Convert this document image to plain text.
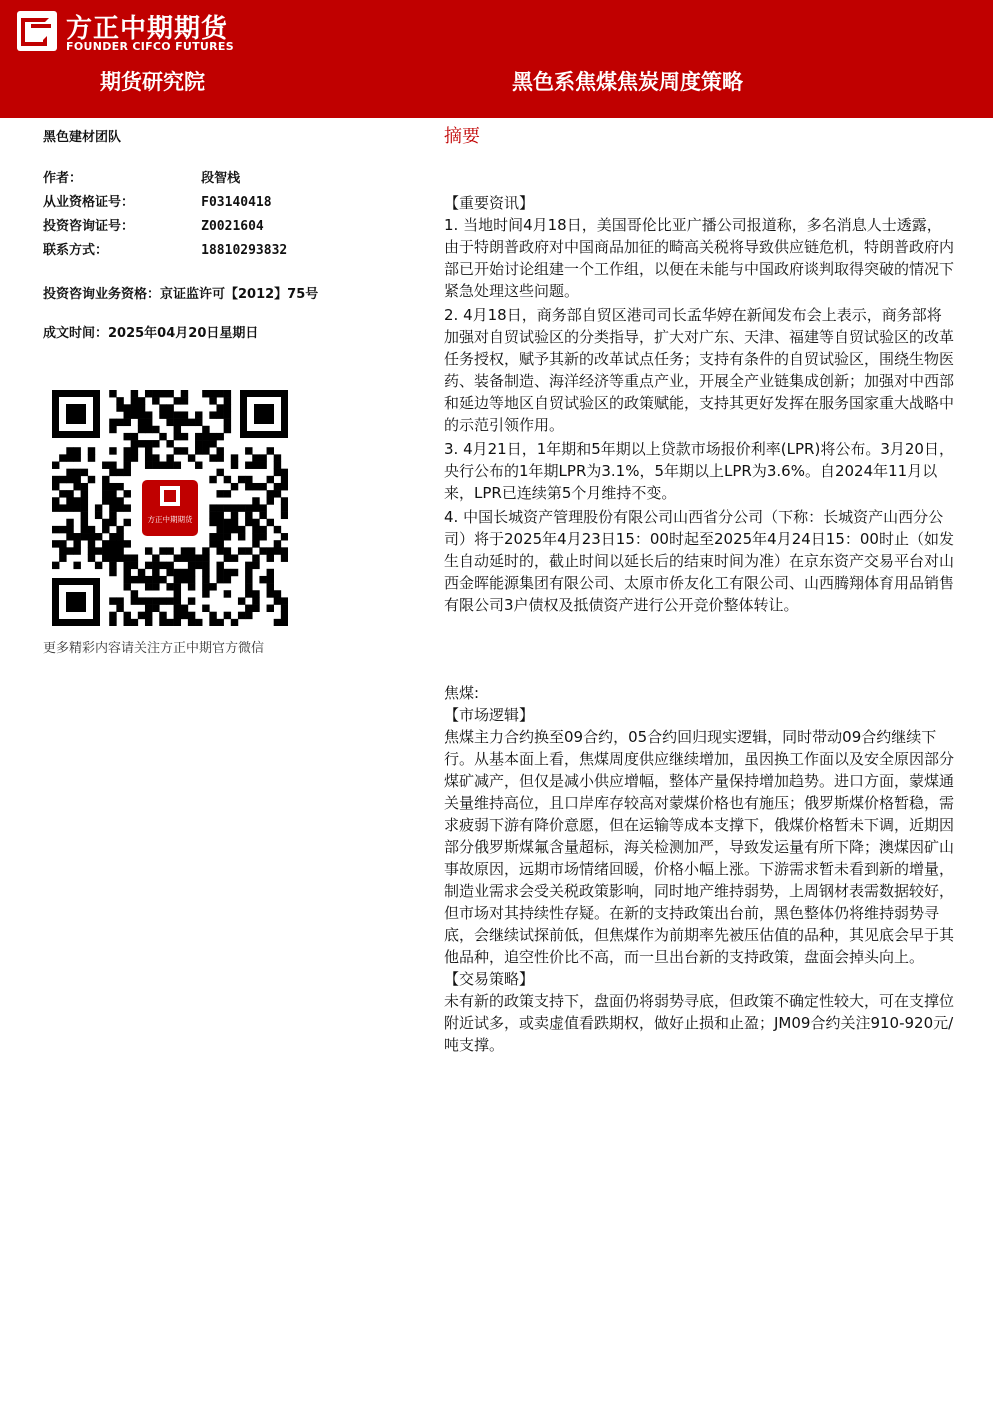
方正中期期货
FOUNDER CIFCO FUTURES
期货研究院	黑色系焦煤焦炭周度策略
黑色建材团队
作者：	段智栈
从业资格证号：	F03140418
投资咨询证号：	Z0021604
联系方式：	18810293832
投资咨询业务资格：京证监许可【2012】75号
成文时间：2025年04月20日星期日
方正中期期货
更多精彩内容请关注方正中期官方微信
摘要

【重要资讯】

1. 当地时间4月18日，美国哥伦比亚广播公司报道称，多名消息人士透露，由于特朗普政府对中国商品加征的畸高关税将导致供应链危机，特朗普政府内部已开始讨论组建一个工作组，以便在未能与中国政府谈判取得突破的情况下紧急处理这些问题。

2. 4月18日，商务部自贸区港司司长孟华婷在新闻发布会上表示，商务部将加强对自贸试验区的分类指导，扩大对广东、天津、福建等自贸试验区的改革任务授权，赋予其新的改革试点任务；支持有条件的自贸试验区，围绕生物医药、装备制造、海洋经济等重点产业，开展全产业链集成创新；加强对中西部和延边等地区自贸试验区的政策赋能，支持其更好发挥在服务国家重大战略中的示范引领作用。

3. 4月21日，1年期和5年期以上贷款市场报价利率(LPR)将公布。3月20日，央行公布的1年期LPR为3.1%，5年期以上LPR为3.6%。自2024年11月以来，LPR已连续第5个月维持不变。

4. 中国长城资产管理股份有限公司山西省分公司（下称：长城资产山西分公司）将于2025年4月23日15：00时起至2025年4月24日15：00时止（如发生自动延时的，截止时间以延长后的结束时间为准）在京东资产交易平台对山西金晖能源集团有限公司、太原市侨友化工有限公司、山西腾翔体育用品销售有限公司3户债权及抵债资产进行公开竞价整体转让。

焦煤:

【市场逻辑】

焦煤主力合约换至09合约，05合约回归现实逻辑，同时带动09合约继续下行。从基本面上看，焦煤周度供应继续增加，虽因换工作面以及安全原因部分煤矿减产，但仅是减小供应增幅，整体产量保持增加趋势。进口方面，蒙煤通关量维持高位，且口岸库存较高对蒙煤价格也有施压；俄罗斯煤价格暂稳，需求疲弱下游有降价意愿，但在运输等成本支撑下，俄煤价格暂未下调，近期因部分俄罗斯煤氟含量超标，海关检测加严，导致发运量有所下降；澳煤因矿山事故原因，远期市场情绪回暖，价格小幅上涨。下游需求暂未看到新的增量，制造业需求会受关税政策影响，同时地产维持弱势，上周钢材表需数据较好，但市场对其持续性存疑。在新的支持政策出台前，黑色整体仍将维持弱势寻底，会继续试探前低，但焦煤作为前期率先被压估值的品种，其见底会早于其他品种，追空性价比不高，而一旦出台新的支持政策，盘面会掉头向上。

【交易策略】

未有新的政策支持下，盘面仍将弱势寻底，但政策不确定性较大，可在支撑位附近试多，或卖虚值看跌期权，做好止损和止盈；JM09合约关注910-920元/吨支撑。
